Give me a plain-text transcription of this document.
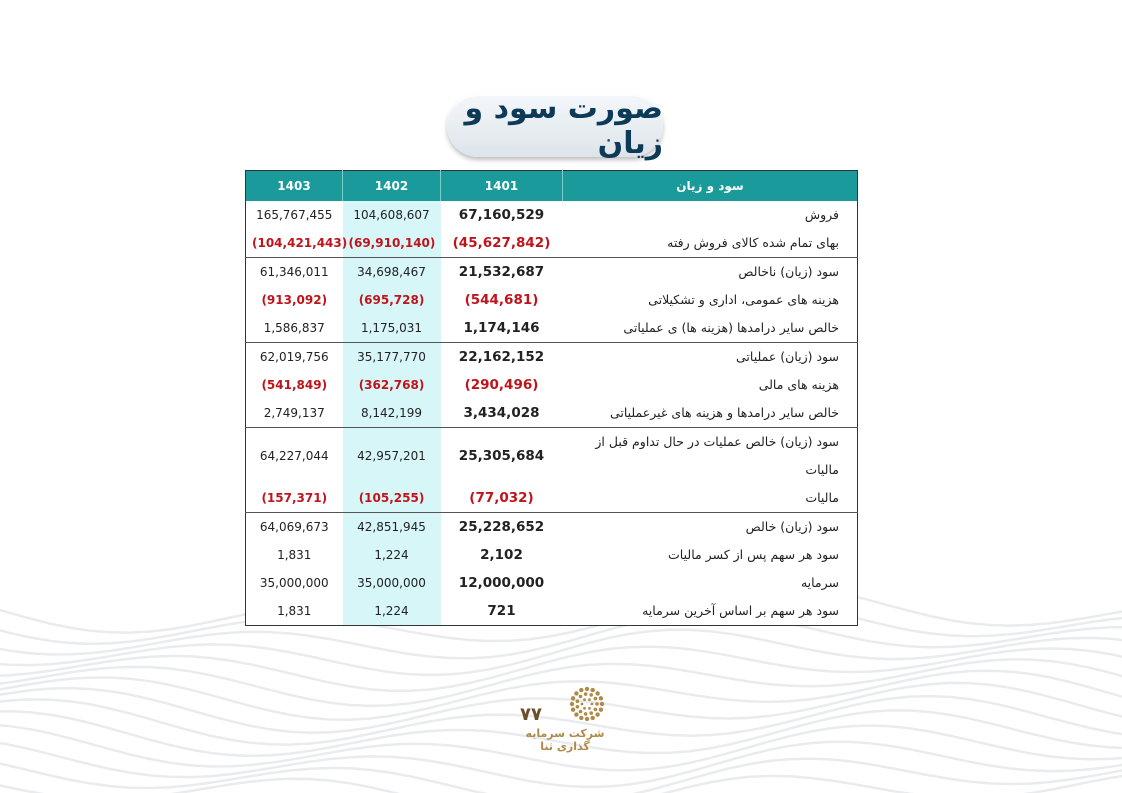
صورت سود و زیان
1403	1402	1401	سود و زیان
165,767,455	104,608,607	67,160,529	فروش
(104,421,443)	(69,910,140)	(45,627,842)	بهای تمام شده کالای فروش رفته
61,346,011	34,698,467	21,532,687	سود (زیان) ناخالص
(913,092)	(695,728)	(544,681)	هزینه های عمومی، اداری و تشکیلاتی
1,586,837	1,175,031	1,174,146	خالص سایر درامدها (هزینه ها) ی عملیاتی
62,019,756	35,177,770	22,162,152	سود (زیان) عملیاتی
(541,849)	(362,768)	(290,496)	هزینه های مالی
2,749,137	8,142,199	3,434,028	خالص سایر درامدها و هزینه های غیرعملیاتی
64,227,044	42,957,201	25,305,684	سود (زیان) خالص عملیات در حال تداوم قبل از مالیات
(157,371)	(105,255)	(77,032)	مالیات
64,069,673	42,851,945	25,228,652	سود (زیان) خالص
1,831	1,224	2,102	سود هر سهم پس از کسر مالیات
35,000,000	35,000,000	12,000,000	سرمایه
1,831	1,224	721	سود هر سهم بر اساس آخرین سرمایه
۷۷
شرکت سرمایه گذاری ثنا
